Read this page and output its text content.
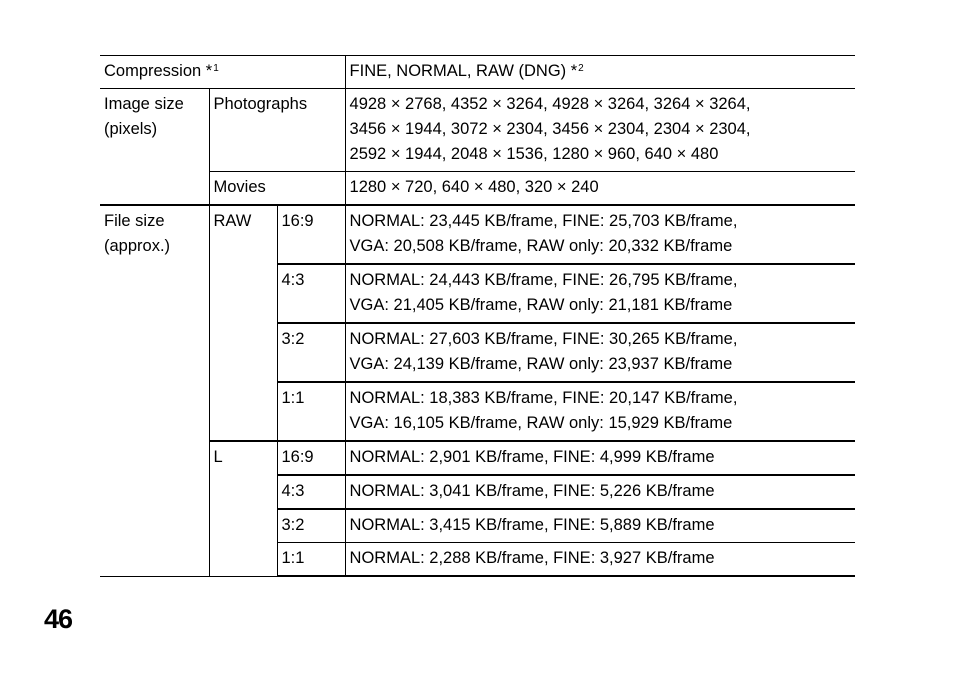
Compression *$^1$			FINE, NORMAL, RAW (DNG) *$^2$
Image size
(pixels)	Photographs		4928 × 2768, 4352 × 3264, 4928 × 3264, 3264 × 3264,
3456 × 1944, 3072 × 2304, 3456 × 2304, 2304 × 2304,
2592 × 1944, 2048 × 1536, 1280 × 960, 640 × 480
	Movies		1280 × 720, 640 × 480, 320 × 240
File size
(approx.)	RAW	16:9	NORMAL: 23,445 KB/frame, FINE: 25,703 KB/frame,
VGA: 20,508 KB/frame, RAW only: 20,332 KB/frame
		4:3	NORMAL: 24,443 KB/frame, FINE: 26,795 KB/frame,
VGA: 21,405 KB/frame, RAW only: 21,181 KB/frame
		3:2	NORMAL: 27,603 KB/frame, FINE: 30,265 KB/frame,
VGA: 24,139 KB/frame, RAW only: 23,937 KB/frame
		1:1	NORMAL: 18,383 KB/frame, FINE: 20,147 KB/frame,
VGA: 16,105 KB/frame, RAW only: 15,929 KB/frame
	L	16:9	NORMAL: 2,901 KB/frame, FINE: 4,999 KB/frame
		4:3	NORMAL: 3,041 KB/frame, FINE: 5,226 KB/frame
		3:2	NORMAL: 3,415 KB/frame, FINE: 5,889 KB/frame
		1:1	NORMAL: 2,288 KB/frame, FINE: 3,927 KB/frame
46
